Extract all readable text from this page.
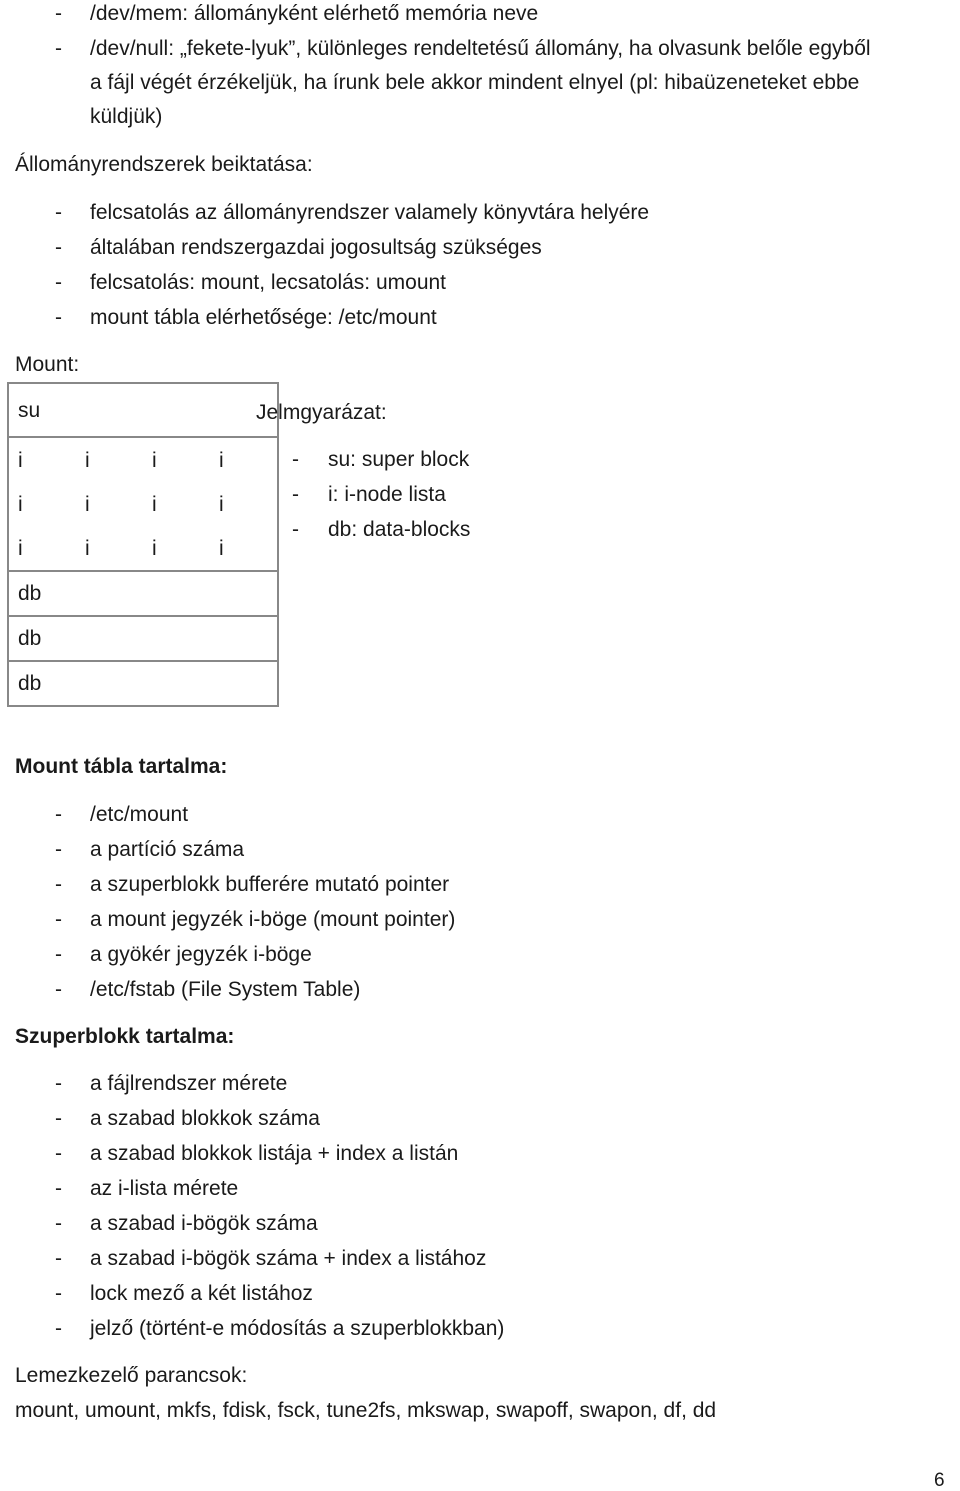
- /dev/mem: állományként elérhető memória neve
- /dev/null: „fekete-lyuk”, különleges rendeltetésű állomány, ha olvasunk belőle egyből
a fájl végét érzékeljük, ha írunk bele akkor mindent elnyel (pl: hibaüzeneteket ebbe
küldjük)
Állományrendszerek beiktatása:
- felcsatolás az állományrendszer valamely könyvtára helyére
- általában rendszergazdai jogosultság szükséges
- felcsatolás: mount, lecsatolás: umount
- mount tábla elérhetősége: /etc/mount
Mount:
su			
i	i	i	i
i	i	i	i
i	i	i	i
db			
db			
db			
Jelmgyarázat:
- su: super block
- i: i-node lista
- db: data-blocks
Mount tábla tartalma:
- /etc/mount
- a partíció száma
- a szuperblokk bufferére mutató pointer
- a mount jegyzék i-böge (mount pointer)
- a gyökér jegyzék i-böge
- /etc/fstab (File System Table)
Szuperblokk tartalma:
- a fájlrendszer mérete
- a szabad blokkok száma
- a szabad blokkok listája + index a listán
- az i-lista mérete
- a szabad i-bögök száma
- a szabad i-bögök száma + index a listához
- lock mező a két listához
- jelző (történt-e módosítás a szuperblokkban)
Lemezkezelő parancsok:
mount, umount, mkfs, fdisk, fsck, tune2fs, mkswap, swapoff, swapon, df, dd
6
